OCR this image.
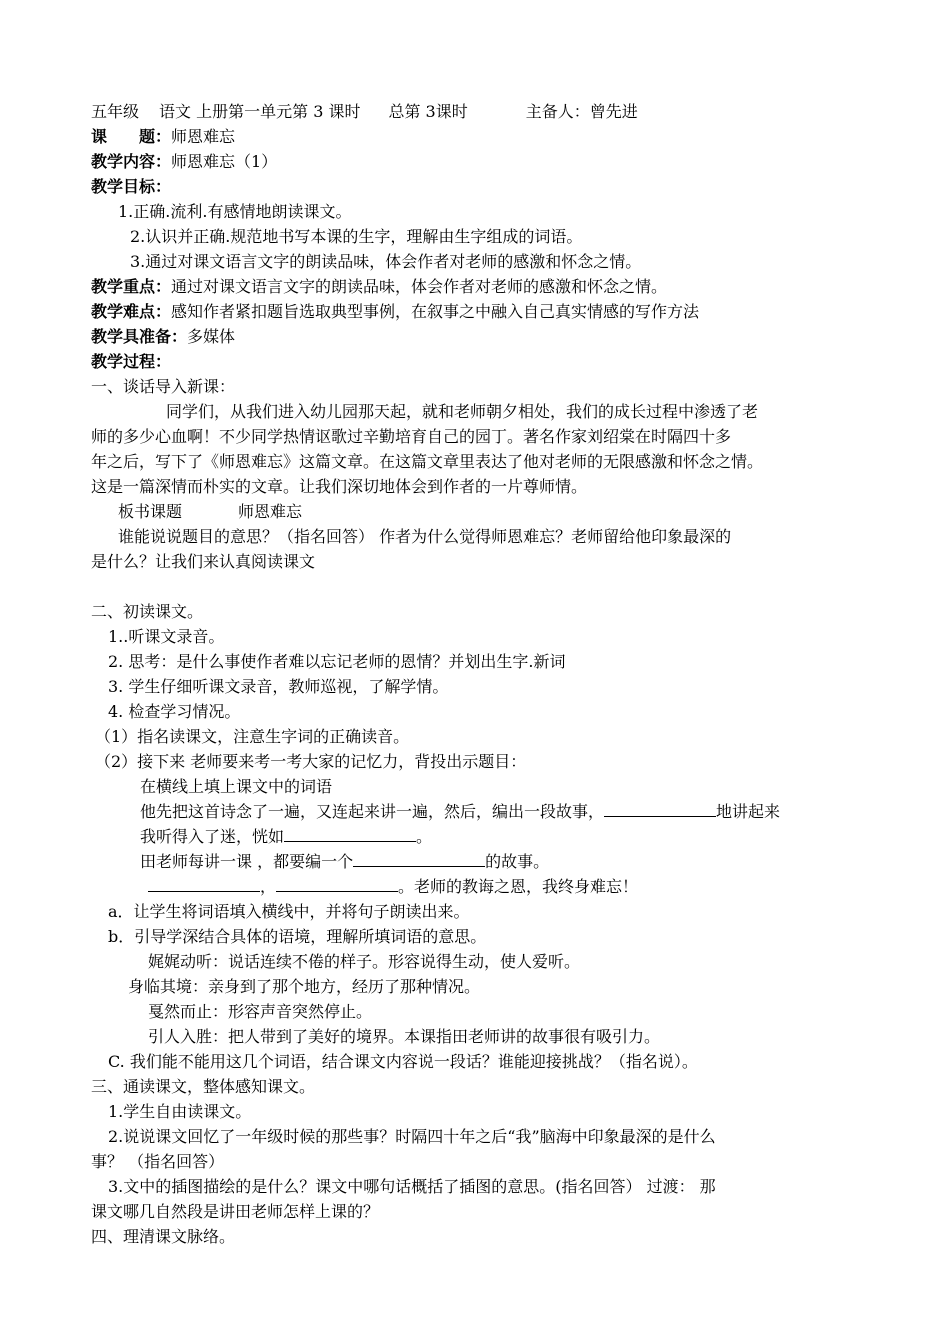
五年级 语文 上册第一单元第 3 课时 总第 3课时	主备人：曾先进
课　　题：师恩难忘
教学内容：师恩难忘（1）
教学目标：
1.正确.流利.有感情地朗读课文。
2.认识并正确.规范地书写本课的生字，理解由生字组成的词语。
3.通过对课文语言文字的朗读品味，体会作者对老师的感激和怀念之情。
教学重点：通过对课文语言文字的朗读品味，体会作者对老师的感激和怀念之情。
教学难点：感知作者紧扣题旨选取典型事例，在叙事之中融入自己真实情感的写作方法
教学具准备：多媒体
教学过程：
一、谈话导入新课：
同学们，从我们进入幼儿园那天起，就和老师朝夕相处，我们的成长过程中渗透了老
师的多少心血啊！不少同学热情讴歌过辛勤培育自己的园丁。著名作家刘绍棠在时隔四十多
年之后，写下了《师恩难忘》这篇文章。在这篇文章里表达了他对老师的无限感激和怀念之情。
这是一篇深情而朴实的文章。让我们深切地体会到作者的一片尊师情。
板书课题	师恩难忘
谁能说说题目的意思？（指名回答） 作者为什么觉得师恩难忘？老师留给他印象最深的
是什么？让我们来认真阅读课文
二、初读课文。
1..听课文录音。
2. 思考：是什么事使作者难以忘记老师的恩情？并划出生字.新词
3. 学生仔细听课文录音，教师巡视，了解学情。
4. 检查学习情况。
（1）指名读课文，注意生字词的正确读音。
（2）接下来 老师要来考一考大家的记忆力，背投出示题目：
在横线上填上课文中的词语
他先把这首诗念了一遍，又连起来讲一遍，然后，编出一段故事，	地讲起来
我听得入了迷，恍如	。
田老师每讲一课 ，都要编一个	的故事。
，	。老师的教诲之恩，我终身难忘！
a．让学生将词语填入横线中，并将句子朗读出来。
b．引导学深结合具体的语境，理解所填词语的意思。
娓娓动听：说话连续不倦的样子。形容说得生动，使人爱听。
身临其境：亲身到了那个地方，经历了那种情况。
戛然而止：形容声音突然停止。
引人入胜：把人带到了美好的境界。本课指田老师讲的故事很有吸引力。
C. 我们能不能用这几个词语，结合课文内容说一段话？谁能迎接挑战？（指名说）。
三、通读课文，整体感知课文。
1.学生自由读课文。
2.说说课文回忆了一年级时候的那些事？时隔四十年之后“我”脑海中印象最深的是什么
事？ （指名回答）
3.文中的插图描绘的是什么？课文中哪句话概括了插图的意思。(指名回答） 过渡： 那
课文哪几自然段是讲田老师怎样上课的？
四、理清课文脉络。
